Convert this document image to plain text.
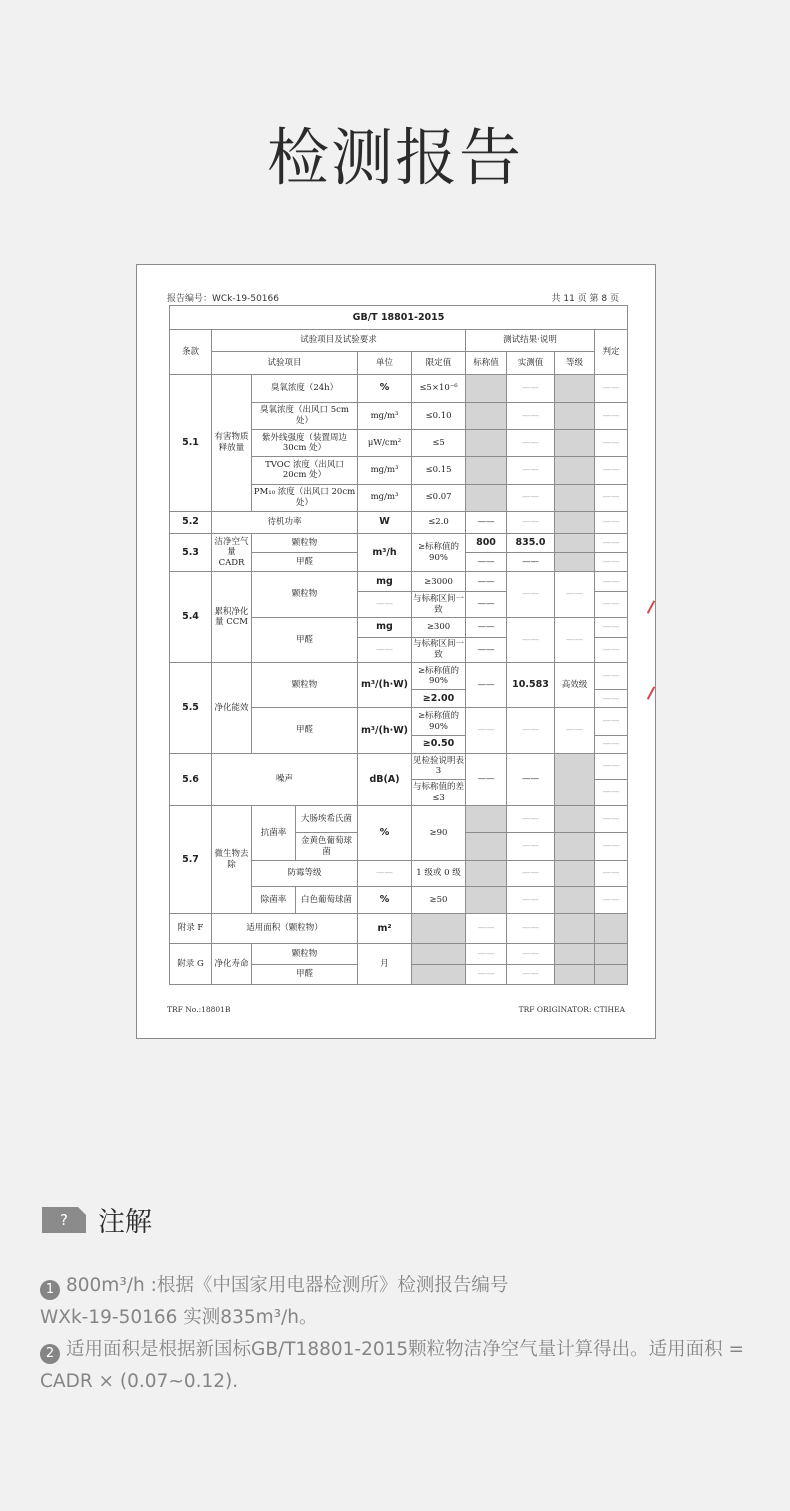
检测报告
报告编号：WCk-19-50166	共 11 页 第 8 页
GB/T 18801-2015									
条款	试验项目及试验要求					测试结果·说明			判定
	试验项目			单位	限定值	标称值	实测值	等级	
5.1	有害物质释放量	臭氧浓度（24h）		%	≤5×10⁻⁶		——		——
		臭氧浓度（出风口 5cm 处）		mg/m³	≤0.10		——		——
		紫外线强度（装置周边 30cm 处）		μW/cm²	≤5		——		——
		TVOC 浓度（出风口 20cm 处）		mg/m³	≤0.15		——		——
		PM₁₀ 浓度（出风口 20cm 处）		mg/m³	≤0.07		——		——
5.2	待机功率			W	≤2.0	——	——		——
5.3	洁净空气量 CADR	颗粒物		m³/h	≥标称值的 90%	800	835.0		——
		甲醛				——	——		——
5.4	累积净化量 CCM	颗粒物		mg	≥3000	——	——	——	——
				——	与标称区间一致	——			——
		甲醛		mg	≥300	——	——	——	——
				——	与标称区间一致	——			——
5.5	净化能效	颗粒物		m³/(h·W)	≥标称值的 90%	——	10.583	高效级	——
					≥2.00				——
		甲醛		m³/(h·W)	≥标称值的 90%	——	——	——	——
					≥0.50				——
5.6	噪声			dB(A)	见检验说明表 3	——	——		——
					与标称值的差≤3				——
5.7	微生物去除	抗菌率	大肠埃希氏菌	%	≥90		——		——
			金黄色葡萄球菌				——		——
		防霉等级		——	1 级或 0 级		——		——
		除菌率	白色葡萄球菌	%	≥50		——		——
附录 F	适用面积（颗粒物）			m²		——	——		
附录 G	净化寿命	颗粒物		月		——	——		
		甲醛				——	——		
TRF No.:18801B	TRF ORIGINATOR: CTIHEA
?	注解

1 800m³/h :根据《中国家用电器检测所》检测报告编号
WXk-19-50166 实测835m³/h。

2 适用面积是根据新国标GB/T18801-2015颗粒物洁净空气量计算得出。适用面积 = CADR × (0.07~0.12).
